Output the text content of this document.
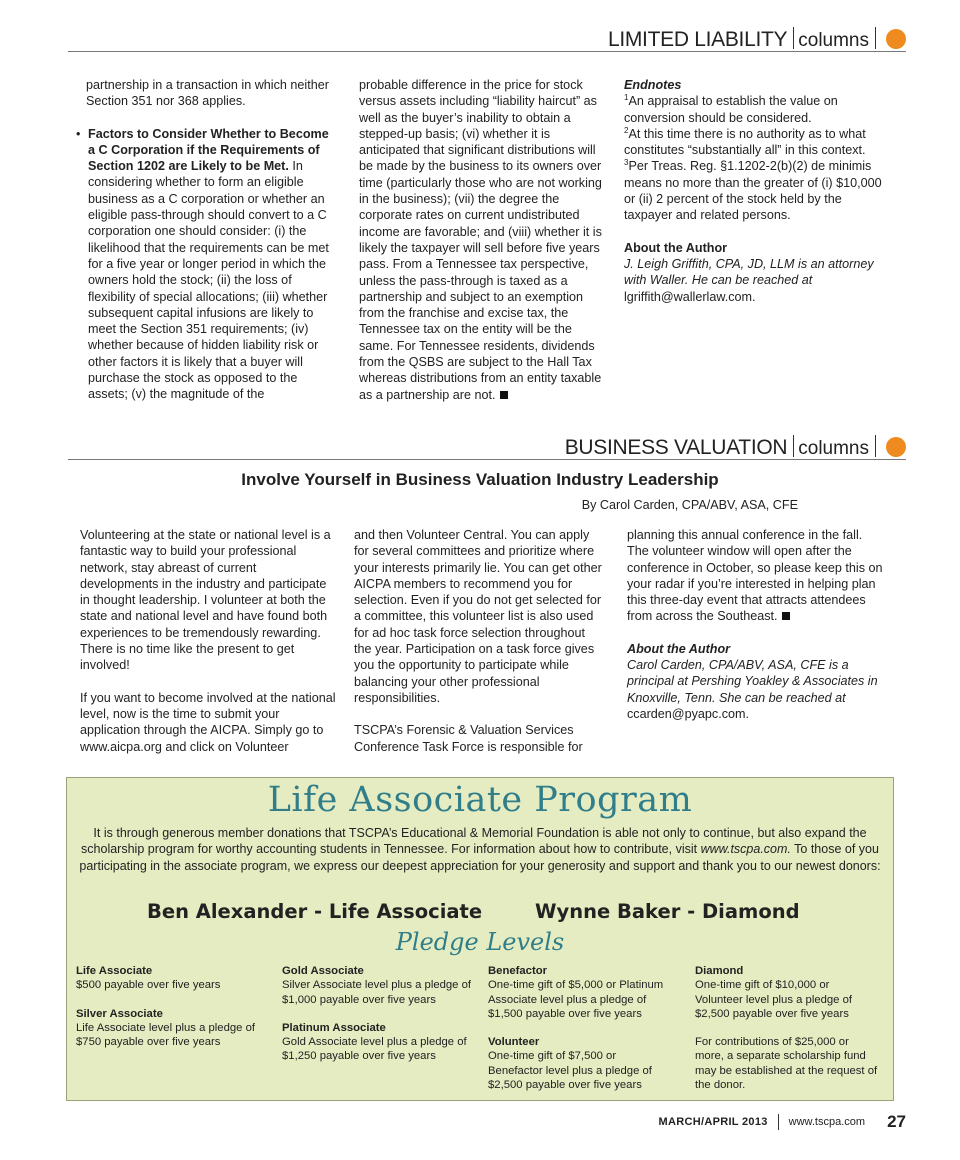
LIMITED LIABILITY columns

partnership in a transaction in which neither Section 351 nor 368 applies.

• Factors to Consider Whether to Become a C Corporation if the Requirements of Section 1202 are Likely to be Met. In considering whether to form an eligible business as a C corporation or whether an eligible pass-through should convert to a C corporation one should consider: (i) the likelihood that the requirements can be met for a five year or longer period in which the owners hold the stock; (ii) the loss of flexibility of special allocations; (iii) whether subsequent capital infusions are likely to meet the Section 351 requirements; (iv) whether because of hidden liability risk or other factors it is likely that a buyer will purchase the stock as opposed to the assets; (v) the magnitude of the

probable difference in the price for stock versus assets including “liability haircut” as well as the buyer’s inability to obtain a stepped-up basis; (vi) whether it is anticipated that significant distributions will be made by the business to its owners over time (particularly those who are not working in the business); (vii) the degree the corporate rates on current undistributed income are favorable; and (viii) whether it is likely the taxpayer will sell before five years pass. From a Tennessee tax perspective, unless the pass-through is taxed as a partnership and subject to an exemption from the franchise and excise tax, the Tennessee tax on the entity will be the same. For Tennessee residents, dividends from the QSBS are subject to the Hall Tax whereas distributions from an entity taxable as a partnership are not.

Endnotes

$^1$An appraisal to establish the value on conversion should be considered.

$^2$At this time there is no authority as to what constitutes “substantially all” in this context.

$^3$Per Treas. Reg. §1.1202-2(b)(2) de minimis means no more than the greater of (i) $10,000 or (ii) 2 percent of the stock held by the taxpayer and related persons.

About the Author

J. Leigh Griffith, CPA, JD, LLM is an attorney with Waller. He can be reached at lgriffith@wallerlaw.com.

BUSINESS VALUATION columns
Involve Yourself in Business Valuation Industry Leadership
By Carol Carden, CPA/ABV, ASA, CFE

Volunteering at the state or national level is a fantastic way to build your professional network, stay abreast of current developments in the industry and participate in thought leadership. I volunteer at both the state and national level and have found both experiences to be tremendously rewarding. There is no time like the present to get involved!

If you want to become involved at the national level, now is the time to submit your application through the AICPA. Simply go to www.aicpa.org and click on Volunteer

and then Volunteer Central. You can apply for several committees and prioritize where your interests primarily lie. You can get other AICPA members to recommend you for selection. Even if you do not get selected for a committee, this volunteer list is also used for ad hoc task force selection throughout the year. Participation on a task force gives you the opportunity to participate while balancing your other professional responsibilities.

TSCPA’s Forensic & Valuation Services Conference Task Force is responsible for

planning this annual conference in the fall. The volunteer window will open after the conference in October, so please keep this on your radar if you’re interested in helping plan this three-day event that attracts attendees from across the Southeast.

About the Author

Carol Carden, CPA/ABV, ASA, CFE is a principal at Pershing Yoakley & Associates in Knoxville, Tenn. She can be reached at

ccarden@pyapc.com.

Life Associate Program
It is through generous member donations that TSCPA’s Educational & Memorial Foundation is able not only to continue, but also expand the scholarship program for worthy accounting students in Tennessee. For information about how to contribute, visit www.tscpa.com. To those of you participating in the associate program, we express our deepest appreciation for your generosity and support and thank you to our newest donors:
Ben Alexander - Life Associate	Wynne Baker - Diamond
Pledge Levels
Life Associate
$500 payable over five years
Silver Associate
Life Associate level plus a pledge of $750 payable over five years
Gold Associate
Silver Associate level plus a pledge of $1,000 payable over five years
Platinum Associate
Gold Associate level plus a pledge of $1,250 payable over five years
Benefactor
One-time gift of $5,000 or Platinum Associate level plus a pledge of $1,500 payable over five years
Volunteer
One-time gift of $7,500 or Benefactor level plus a pledge of $2,500 payable over five years
Diamond
One-time gift of $10,000 or Volunteer level plus a pledge of $2,500 payable over five years
For contributions of $25,000 or more, a separate scholarship fund may be established at the request of the donor.
MARCH/APRIL 2013 www.tscpa.com 27
